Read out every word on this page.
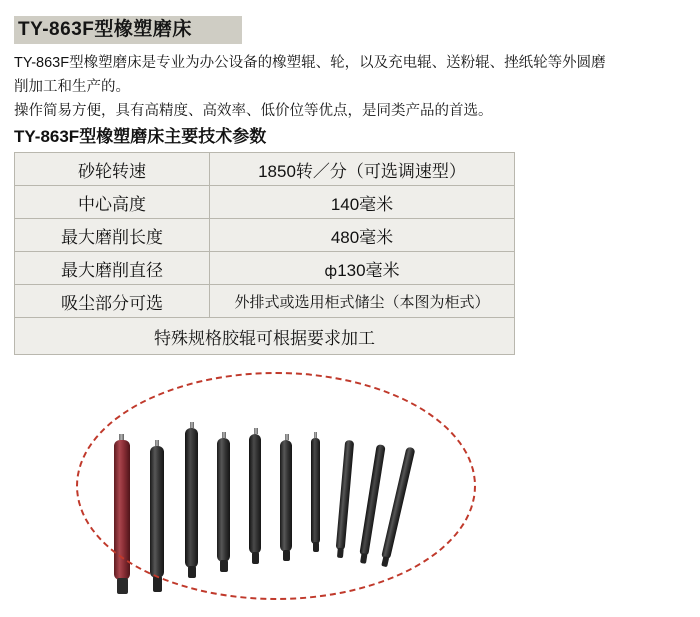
TY-863F型橡塑磨床

TY-863F型橡塑磨床是专业为办公设备的橡塑辊、轮，以及充电辊、送粉辊、挫纸轮等外圆磨

削加工和生产的。

操作简易方便，具有高精度、高效率、低价位等优点，是同类产品的首选。

TY-863F型橡塑磨床主要技术参数
砂轮转速	1850转／分（可选调速型）
中心高度	140毫米
最大磨削长度	480毫米
最大磨削直径	ф130毫米
吸尘部分可选	外排式或选用柜式储尘（本图为柜式）
特殊规格胶辊可根据要求加工	
